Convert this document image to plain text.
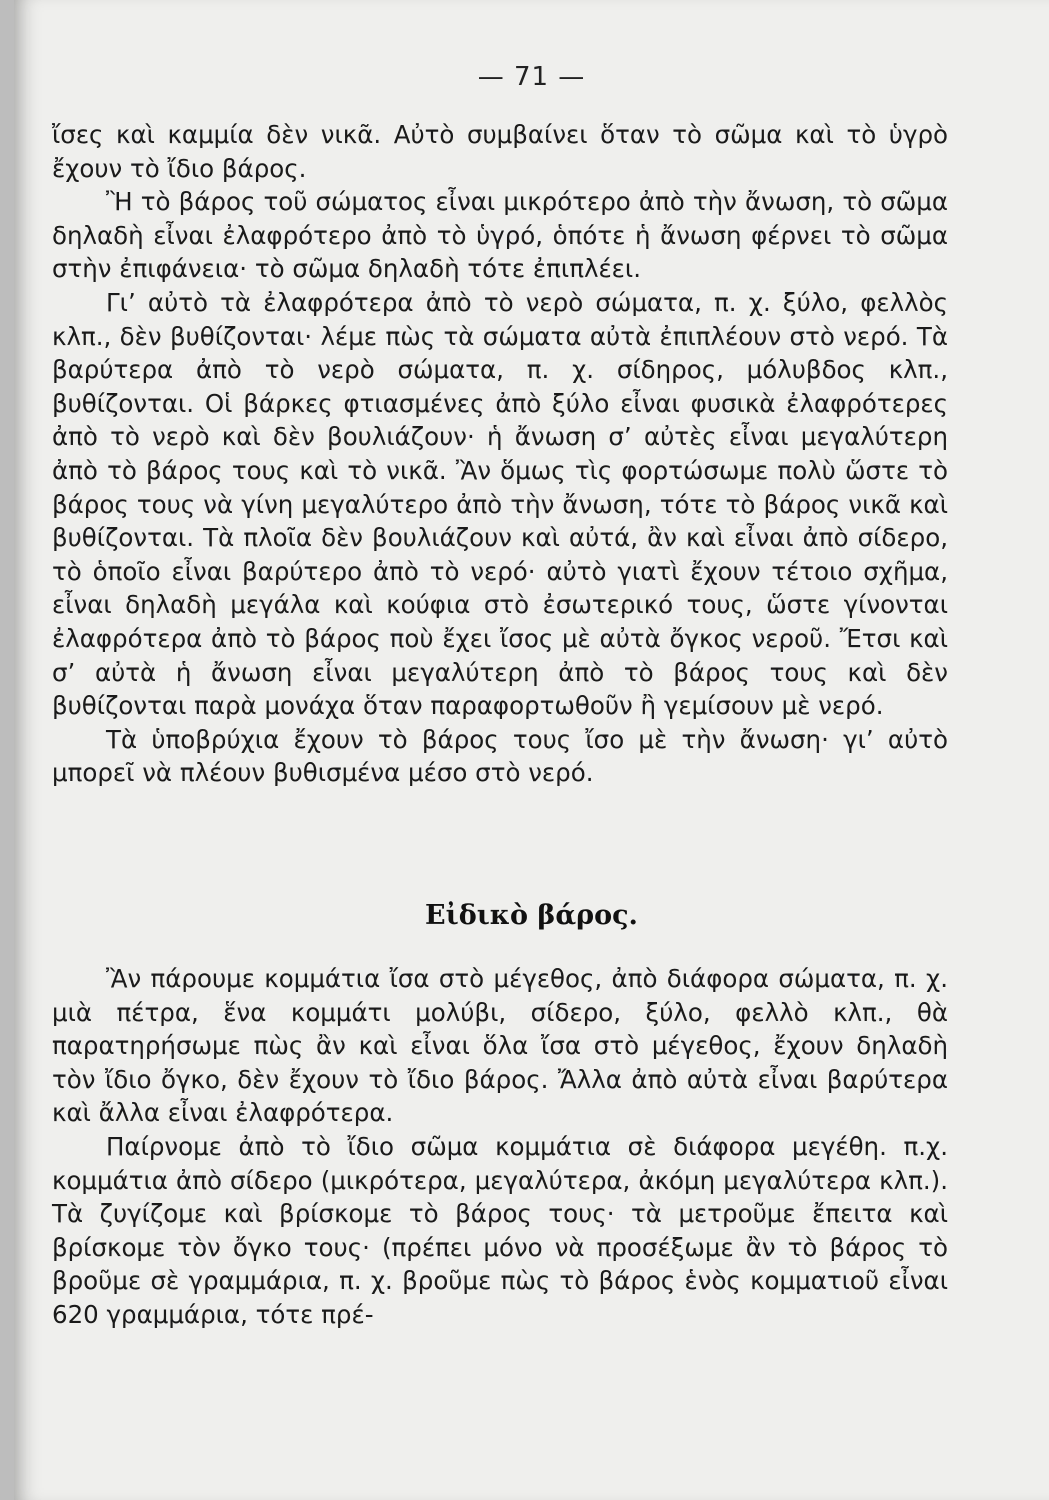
— 71 —

ἴσες καὶ καμμία δὲν νικᾶ. Αὐτὸ συμβαίνει ὅταν τὸ σῶμα καὶ τὸ ὑγρὸ ἔχουν τὸ ἴδιο βάρος.

Ἢ τὸ βάρος τοῦ σώματος εἶναι μικρότερο ἀπὸ τὴν ἄνωση, τὸ σῶμα δηλαδὴ εἶναι ἐλαφρότερο ἀπὸ τὸ ὑγρό, ὁπότε ἡ ἄνωση φέρνει τὸ σῶμα στὴν ἐπιφάνεια· τὸ σῶμα δηλαδὴ τότε ἐπιπλέει.

Γι’ αὐτὸ τὰ ἐλαφρότερα ἀπὸ τὸ νερὸ σώματα, π. χ. ξύλο, φελλὸς κλπ., δὲν βυθίζονται· λέμε πὼς τὰ σώματα αὐτὰ ἐπιπλέουν στὸ νερό. Τὰ βαρύτερα ἀπὸ τὸ νερὸ σώματα, π. χ. σίδηρος, μόλυβδος κλπ., βυθίζονται. Οἱ βάρκες φτιασμένες ἀπὸ ξύλο εἶναι φυσικὰ ἐλαφρότερες ἀπὸ τὸ νερὸ καὶ δὲν βουλιάζουν· ἡ ἄνωση σ’ αὐτὲς εἶναι μεγαλύτερη ἀπὸ τὸ βάρος τους καὶ τὸ νικᾶ. Ἂν ὅμως τὶς φορτώσωμε πολὺ ὥστε τὸ βάρος τους νὰ γίνη μεγαλύτερο ἀπὸ τὴν ἄνωση, τότε τὸ βάρος νικᾶ καὶ βυθίζονται. Τὰ πλοῖα δὲν βουλιάζουν καὶ αὐτά, ἂν καὶ εἶναι ἀπὸ σίδερο, τὸ ὁποῖο εἶναι βαρύτερο ἀπὸ τὸ νερό· αὐτὸ γιατὶ ἔχουν τέτοιο σχῆμα, εἶναι δηλαδὴ μεγάλα καὶ κούφια στὸ ἐσωτερικό τους, ὥστε γίνονται ἐλαφρότερα ἀπὸ τὸ βάρος ποὺ ἔχει ἴσος μὲ αὐτὰ ὄγκος νεροῦ. Ἔτσι καὶ σ’ αὐτὰ ἡ ἄνωση εἶναι μεγαλύτερη ἀπὸ τὸ βάρος τους καὶ δὲν βυθίζονται παρὰ μονάχα ὅταν παραφορτωθοῦν ἢ γεμίσουν μὲ νερό.

Τὰ ὑποβρύχια ἔχουν τὸ βάρος τους ἴσο μὲ τὴν ἄνωση· γι’ αὐτὸ μπορεῖ νὰ πλέουν βυθισμένα μέσο στὸ νερό.

Εἰδικὸ βάρος.

Ἂν πάρουμε κομμάτια ἴσα στὸ μέγεθος, ἀπὸ διάφορα σώματα, π. χ. μιὰ πέτρα, ἕνα κομμάτι μολύβι, σίδερο, ξύλο, φελλὸ κλπ., θὰ παρατηρήσωμε πὼς ἂν καὶ εἶναι ὅλα ἴσα στὸ μέγεθος, ἔχουν δηλαδὴ τὸν ἴδιο ὄγκο, δὲν ἔχουν τὸ ἴδιο βάρος. Ἄλλα ἀπὸ αὐτὰ εἶναι βαρύτερα καὶ ἄλλα εἶναι ἐλαφρότερα.

Παίρνομε ἀπὸ τὸ ἴδιο σῶμα κομμάτια σὲ διάφορα μεγέθη. π.χ. κομμάτια ἀπὸ σίδερο (μικρότερα, μεγαλύτερα, ἀκόμη μεγαλύτερα κλπ.). Τὰ ζυγίζομε καὶ βρίσκομε τὸ βάρος τους· τὰ μετροῦμε ἔπειτα καὶ βρίσκομε τὸν ὄγκο τους· (πρέπει μόνο νὰ προσέξωμε ἂν τὸ βάρος τὸ βροῦμε σὲ γραμμάρια, π. χ. βροῦμε πὼς τὸ βάρος ἑνὸς κομματιοῦ εἶναι 620 γραμμάρια, τότε πρέ-
